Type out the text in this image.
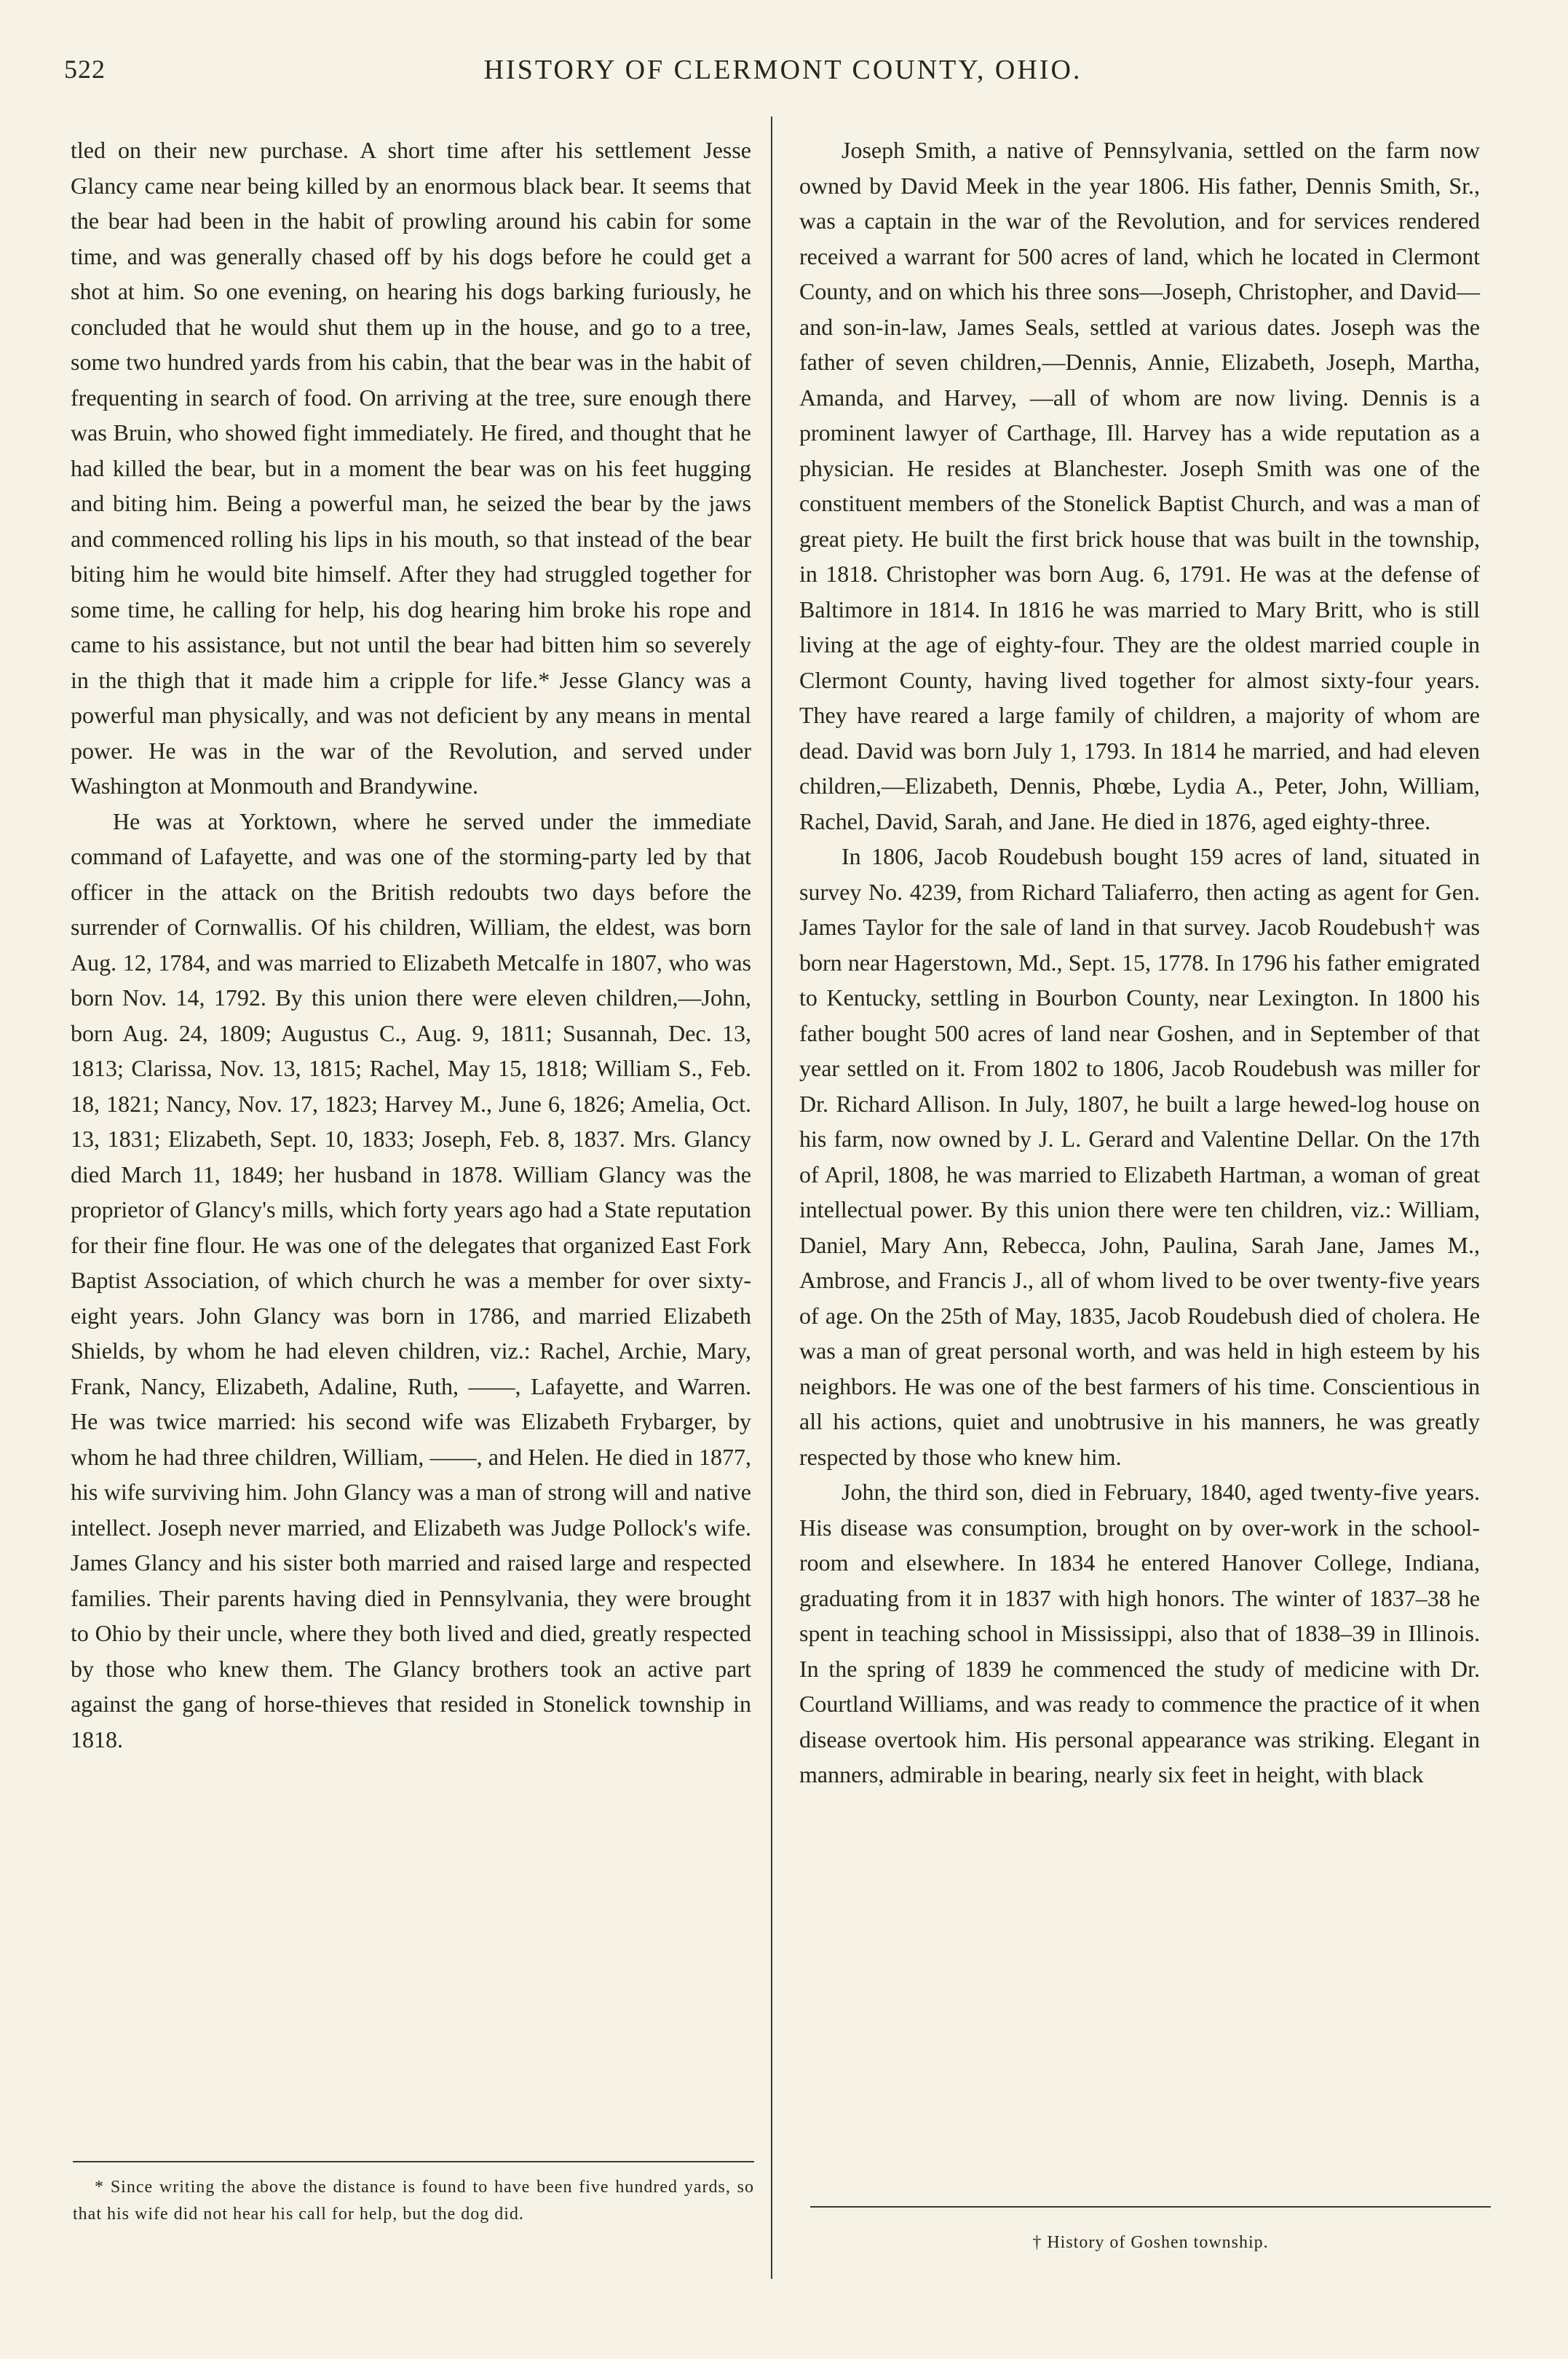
522	HISTORY OF CLERMONT COUNTY, OHIO.

tled on their new purchase. A short time after his settlement Jesse Glancy came near being killed by an enormous black bear. It seems that the bear had been in the habit of prowling around his cabin for some time, and was generally chased off by his dogs before he could get a shot at him. So one evening, on hearing his dogs barking furiously, he concluded that he would shut them up in the house, and go to a tree, some two hundred yards from his cabin, that the bear was in the habit of frequenting in search of food. On arriving at the tree, sure enough there was Bruin, who showed fight immediately. He fired, and thought that he had killed the bear, but in a moment the bear was on his feet hugging and biting him. Being a powerful man, he seized the bear by the jaws and commenced rolling his lips in his mouth, so that instead of the bear biting him he would bite himself. After they had struggled together for some time, he calling for help, his dog hearing him broke his rope and came to his assistance, but not until the bear had bitten him so severely in the thigh that it made him a cripple for life.* Jesse Glancy was a powerful man physically, and was not deficient by any means in mental power. He was in the war of the Revolution, and served under Washington at Monmouth and Brandywine.

He was at Yorktown, where he served under the immediate command of Lafayette, and was one of the storming-party led by that officer in the attack on the British redoubts two days before the surrender of Cornwallis. Of his children, William, the eldest, was born Aug. 12, 1784, and was married to Elizabeth Metcalfe in 1807, who was born Nov. 14, 1792. By this union there were eleven children,—John, born Aug. 24, 1809; Augustus C., Aug. 9, 1811; Susannah, Dec. 13, 1813; Clarissa, Nov. 13, 1815; Rachel, May 15, 1818; William S., Feb. 18, 1821; Nancy, Nov. 17, 1823; Harvey M., June 6, 1826; Amelia, Oct. 13, 1831; Elizabeth, Sept. 10, 1833; Joseph, Feb. 8, 1837. Mrs. Glancy died March 11, 1849; her husband in 1878. William Glancy was the proprietor of Glancy's mills, which forty years ago had a State reputation for their fine flour. He was one of the delegates that organized East Fork Baptist Association, of which church he was a member for over sixty-eight years. John Glancy was born in 1786, and married Elizabeth Shields, by whom he had eleven children, viz.: Rachel, Archie, Mary, Frank, Nancy, Elizabeth, Adaline, Ruth, ——, Lafayette, and Warren. He was twice married: his second wife was Elizabeth Frybarger, by whom he had three children, William, ——, and Helen. He died in 1877, his wife surviving him. John Glancy was a man of strong will and native intellect. Joseph never married, and Elizabeth was Judge Pollock's wife. James Glancy and his sister both married and raised large and respected families. Their parents having died in Pennsylvania, they were brought to Ohio by their uncle, where they both lived and died, greatly respected by those who knew them. The Glancy brothers took an active part against the gang of horse-thieves that resided in Stonelick township in 1818.

Joseph Smith, a native of Pennsylvania, settled on the farm now owned by David Meek in the year 1806. His father, Dennis Smith, Sr., was a captain in the war of the Revolution, and for services rendered received a warrant for 500 acres of land, which he located in Clermont County, and on which his three sons—Joseph, Christopher, and David—and son-in-law, James Seals, settled at various dates. Joseph was the father of seven children,—Dennis, Annie, Elizabeth, Joseph, Martha, Amanda, and Harvey, —all of whom are now living. Dennis is a prominent lawyer of Carthage, Ill. Harvey has a wide reputation as a physician. He resides at Blanchester. Joseph Smith was one of the constituent members of the Stonelick Baptist Church, and was a man of great piety. He built the first brick house that was built in the township, in 1818. Christopher was born Aug. 6, 1791. He was at the defense of Baltimore in 1814. In 1816 he was married to Mary Britt, who is still living at the age of eighty-four. They are the oldest married couple in Clermont County, having lived together for almost sixty-four years. They have reared a large family of children, a majority of whom are dead. David was born July 1, 1793. In 1814 he married, and had eleven children,—Elizabeth, Dennis, Phœbe, Lydia A., Peter, John, William, Rachel, David, Sarah, and Jane. He died in 1876, aged eighty-three.

In 1806, Jacob Roudebush bought 159 acres of land, situated in survey No. 4239, from Richard Taliaferro, then acting as agent for Gen. James Taylor for the sale of land in that survey. Jacob Roudebush† was born near Hagerstown, Md., Sept. 15, 1778. In 1796 his father emigrated to Kentucky, settling in Bourbon County, near Lexington. In 1800 his father bought 500 acres of land near Goshen, and in September of that year settled on it. From 1802 to 1806, Jacob Roudebush was miller for Dr. Richard Allison. In July, 1807, he built a large hewed-log house on his farm, now owned by J. L. Gerard and Valentine Dellar. On the 17th of April, 1808, he was married to Elizabeth Hartman, a woman of great intellectual power. By this union there were ten children, viz.: William, Daniel, Mary Ann, Rebecca, John, Paulina, Sarah Jane, James M., Ambrose, and Francis J., all of whom lived to be over twenty-five years of age. On the 25th of May, 1835, Jacob Roudebush died of cholera. He was a man of great personal worth, and was held in high esteem by his neighbors. He was one of the best farmers of his time. Conscientious in all his actions, quiet and unobtrusive in his manners, he was greatly respected by those who knew him.

John, the third son, died in February, 1840, aged twenty-five years. His disease was consumption, brought on by over-work in the school-room and elsewhere. In 1834 he entered Hanover College, Indiana, graduating from it in 1837 with high honors. The winter of 1837–38 he spent in teaching school in Mississippi, also that of 1838–39 in Illinois. In the spring of 1839 he commenced the study of medicine with Dr. Courtland Williams, and was ready to commence the practice of it when disease overtook him. His personal appearance was striking. Elegant in manners, admirable in bearing, nearly six feet in height, with black

* Since writing the above the distance is found to have been five hundred yards, so that his wife did not hear his call for help, but the dog did.
† History of Goshen township.
